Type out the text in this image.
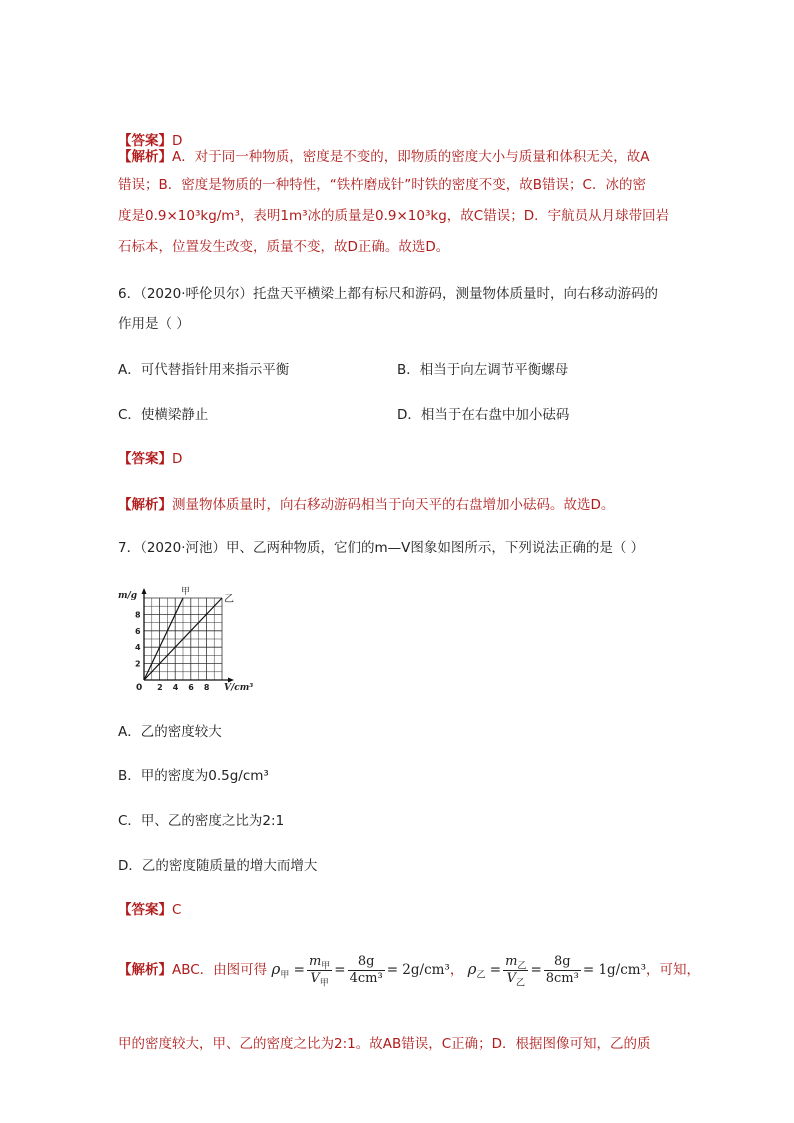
【答案】D
【解析】A．对于同一种物质，密度是不变的，即物质的密度大小与质量和体积无关，故A
错误；B．密度是物质的一种特性，“铁杵磨成针”时铁的密度不变，故B错误；C．冰的密
度是0.9×10³kg/m³，表明1m³冰的质量是0.9×10³kg，故C错误；D．宇航员从月球带回岩
石标本，位置发生改变，质量不变，故D正确。故选D。
6．（2020·呼伦贝尔）托盘天平横梁上都有标尺和游码，测量物体质量时，向右移动游码的
作用是（ ）
A．可代替指针用来指示平衡	B．相当于向左调节平衡螺母
C．使横梁静止	D．相当于在右盘中加小砝码
【答案】D
【解析】测量物体质量时，向右移动游码相当于向天平的右盘增加小砝码。故选D。
7．（2020·河池）甲、乙两种物质，它们的m—V图象如图所示，下列说法正确的是（ ）
m/g
V/cm³
0
2
4
6
8
2 4 6 8
甲
乙
A．乙的密度较大
B．甲的密度为0.5g/cm³
C．甲、乙的密度之比为2:1
D．乙的密度随质量的增大而增大
【答案】C
【解析】ABC．由图可得 $\rho_甲 = \frac{m_甲}{V_甲} = \frac{8g}{\text{4cm³}} = 2g/cm^3$， $\rho_乙 = \frac{m_乙}{V_乙} = \frac{8g}{\text{8cm³}} = 1g/cm^3$，可知，
甲的密度较大，甲、乙的密度之比为2:1。故AB错误，C正确；D．根据图像可知，乙的质
